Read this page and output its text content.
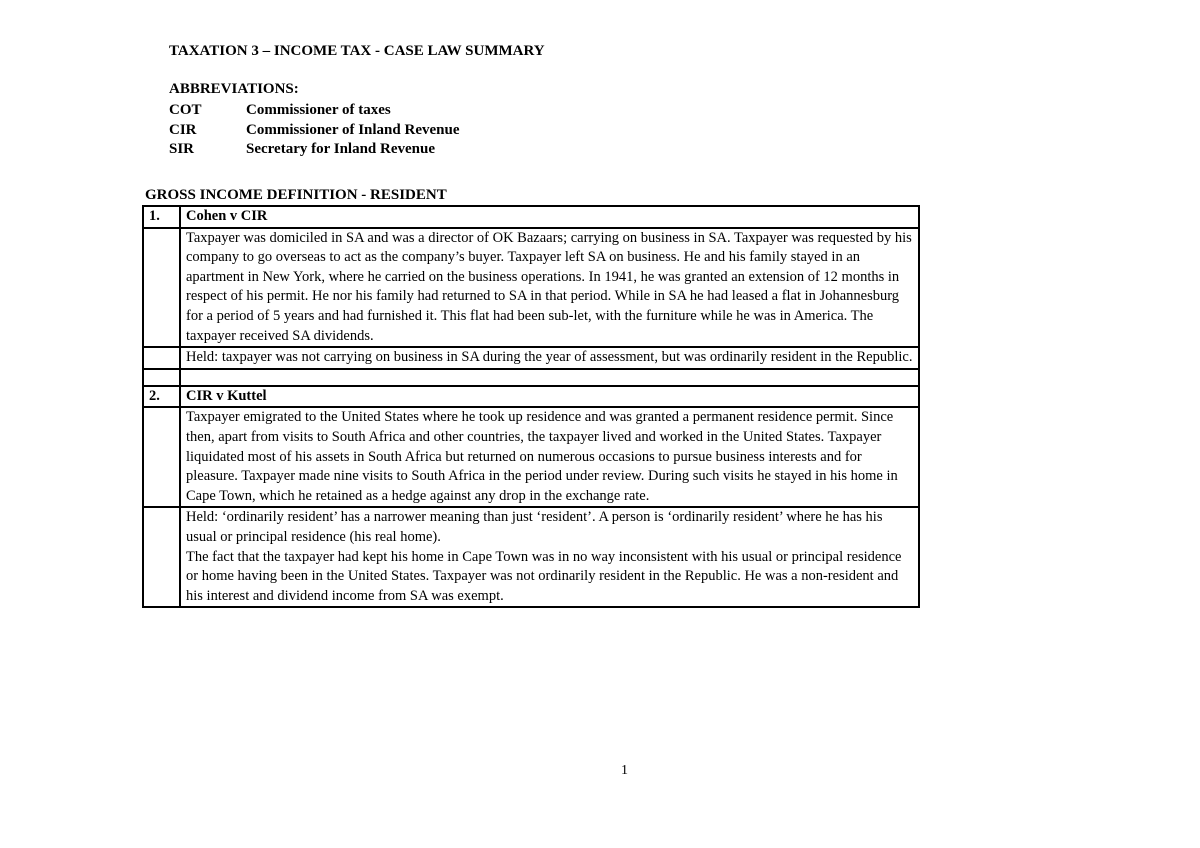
TAXATION 3 – INCOME TAX - CASE LAW SUMMARY
ABBREVIATIONS:
COT	Commissioner of taxes
CIR	Commissioner of Inland Revenue
SIR	Secretary for Inland Revenue
GROSS INCOME DEFINITION - RESIDENT
1.	Cohen v CIR
	Taxpayer was domiciled in SA and was a director of OK Bazaars; carrying on business in SA. Taxpayer was requested by his company to go overseas to act as the company’s buyer. Taxpayer left SA on business. He and his family stayed in an apartment in New York, where he carried on the business operations. In 1941, he was granted an extension of 12 months in respect of his permit. He nor his family had returned to SA in that period. While in SA he had leased a flat in Johannesburg for a period of 5 years and had furnished it. This flat had been sub-let, with the furniture while he was in America. The taxpayer received SA dividends.
	Held: taxpayer was not carrying on business in SA during the year of assessment, but was ordinarily resident in the Republic.

2.	CIR v Kuttel
	Taxpayer emigrated to the United States where he took up residence and was granted a permanent residence permit. Since then, apart from visits to South Africa and other countries, the taxpayer lived and worked in the United States. Taxpayer liquidated most of his assets in South Africa but returned on numerous occasions to pursue business interests and for pleasure. Taxpayer made nine visits to South Africa in the period under review. During such visits he stayed in his home in Cape Town, which he retained as a hedge against any drop in the exchange rate.

	Held: ‘ordinarily resident’ has a narrower meaning than just ‘resident’. A person is ‘ordinarily resident’ where he has his usual or principal residence (his real home).
The fact that the taxpayer had kept his home in Cape Town was in no way inconsistent with his usual or principal residence or home having been in the United States. Taxpayer was not ordinarily resident in the Republic. He was a non-resident and his interest and dividend income from SA was exempt.
1
